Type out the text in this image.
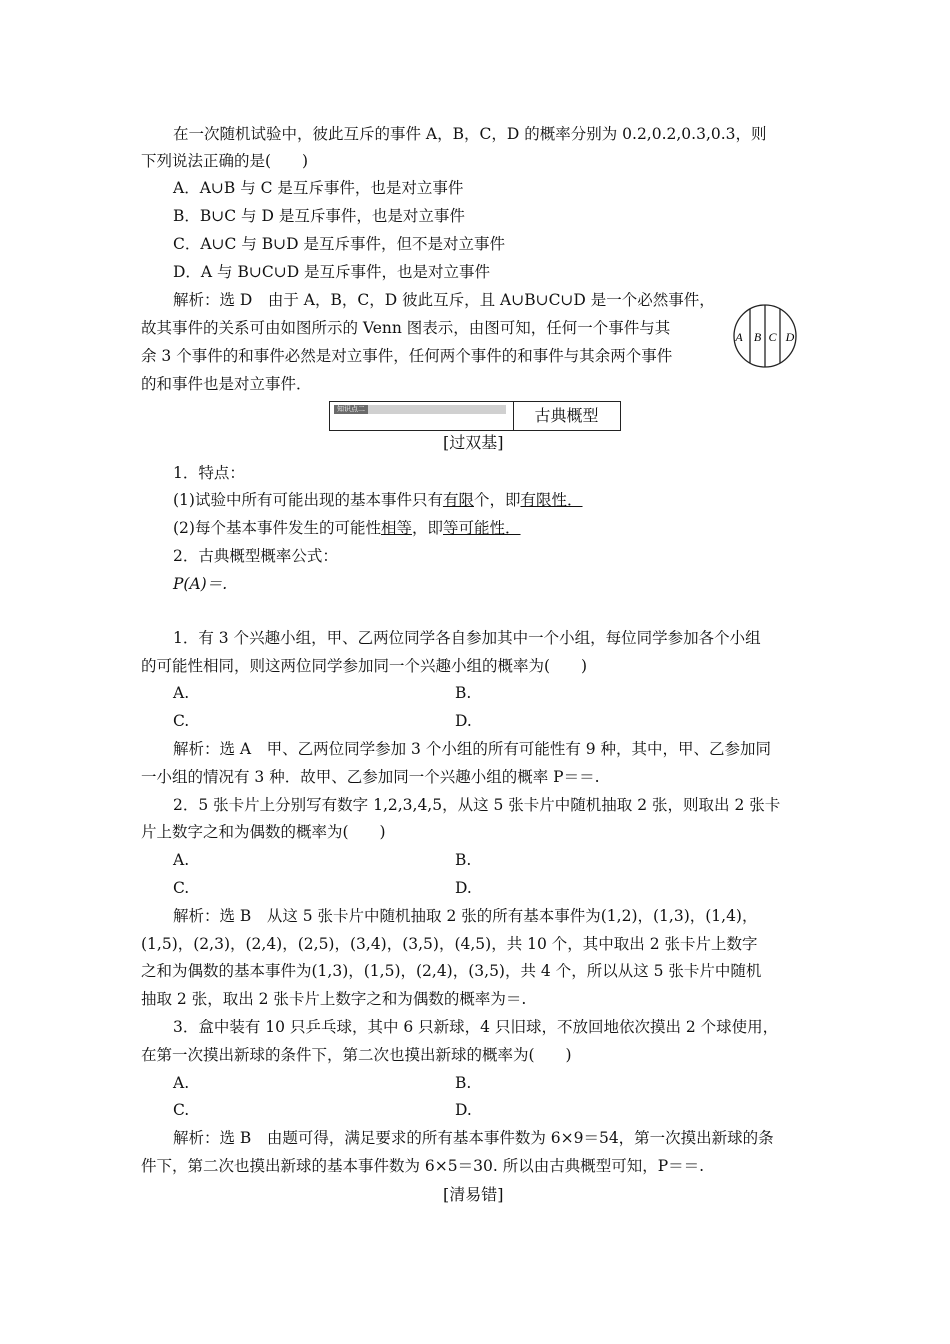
在一次随机试验中，彼此互斥的事件 A，B，C，D 的概率分别为 0.2,0.2,0.3,0.3，则
下列说法正确的是(　　)
A．A∪B 与 C 是互斥事件，也是对立事件
B．B∪C 与 D 是互斥事件，也是对立事件
C．A∪C 与 B∪D 是互斥事件，但不是对立事件
D．A 与 B∪C∪D 是互斥事件，也是对立事件
解析：选 D　由于 A，B，C，D 彼此互斥，且 A∪B∪C∪D 是一个必然事件，
故其事件的关系可由如图所示的 Venn 图表示，由图可知，任何一个事件与其
余 3 个事件的和事件必然是对立事件，任何两个事件的和事件与其余两个事件
的和事件也是对立事件．
A B C D
知识点二	古典概型
[过双基]
1．特点：
(1)试验中所有可能出现的基本事件只有有限个，即有限性．
(2)每个基本事件发生的可能性相等，即等可能性．
2．古典概型概率公式：
P(A)＝.
1．有 3 个兴趣小组，甲、乙两位同学各自参加其中一个小组，每位同学参加各个小组
的可能性相同，则这两位同学参加同一个兴趣小组的概率为(　　)
A.	B.
C.	D.
解析：选 A　甲、乙两位同学参加 3 个小组的所有可能性有 9 种，其中，甲、乙参加同
一小组的情况有 3 种．故甲、乙参加同一个兴趣小组的概率 P＝＝.
2．5 张卡片上分别写有数字 1,2,3,4,5，从这 5 张卡片中随机抽取 2 张，则取出 2 张卡
片上数字之和为偶数的概率为(　　)
A.	B.
C.	D.
解析：选 B　从这 5 张卡片中随机抽取 2 张的所有基本事件为(1,2)，(1,3)，(1,4)，
(1,5)，(2,3)，(2,4)，(2,5)，(3,4)，(3,5)，(4,5)，共 10 个，其中取出 2 张卡片上数字
之和为偶数的基本事件为(1,3)，(1,5)，(2,4)，(3,5)，共 4 个，所以从这 5 张卡片中随机
抽取 2 张，取出 2 张卡片上数字之和为偶数的概率为＝.
3．盒中装有 10 只乒乓球，其中 6 只新球，4 只旧球，不放回地依次摸出 2 个球使用，
在第一次摸出新球的条件下，第二次也摸出新球的概率为(　　)
A.	B.
C.	D.
解析：选 B　由题可得，满足要求的所有基本事件数为 6×9＝54，第一次摸出新球的条
件下，第二次也摸出新球的基本事件数为 6×5＝30. 所以由古典概型可知，P＝＝.
[清易错]
